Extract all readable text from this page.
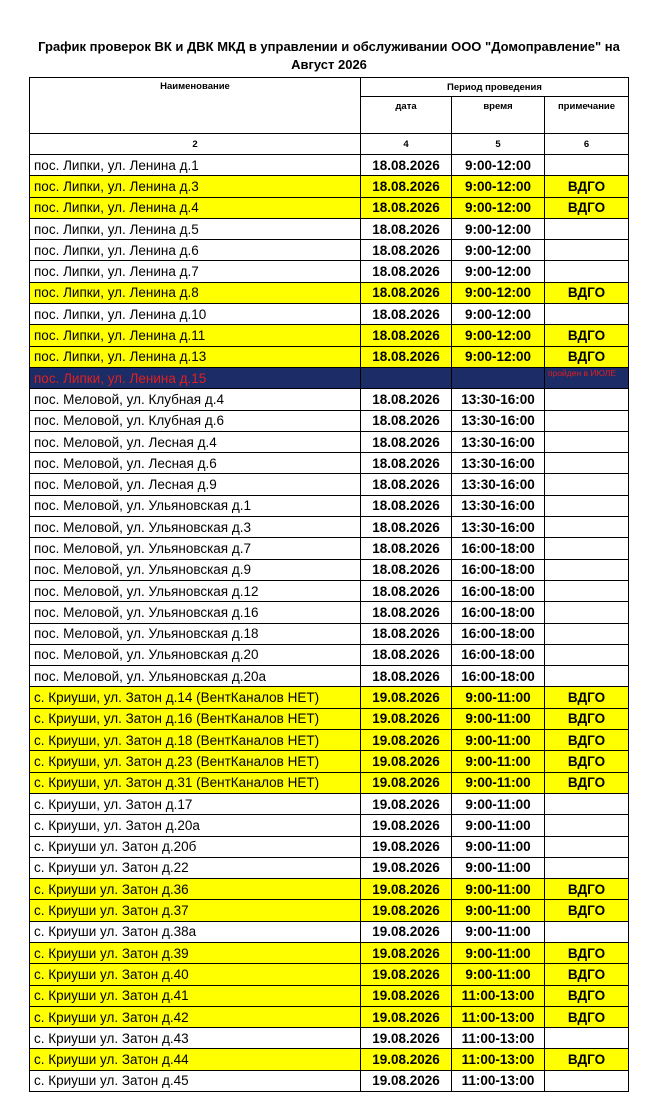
График проверок ВК и ДВК МКД в управлении и обслуживании ООО "Домоправление" на
Август 2026
Наименование	Период проведения		
	дата	время	примечание
2	4	5	6
пос. Липки, ул. Ленина д.1	18.08.2026	9:00-12:00	
пос. Липки, ул. Ленина д.3	18.08.2026	9:00-12:00	ВДГО
пос. Липки, ул. Ленина д.4	18.08.2026	9:00-12:00	ВДГО
пос. Липки, ул. Ленина д.5	18.08.2026	9:00-12:00	
пос. Липки, ул. Ленина д.6	18.08.2026	9:00-12:00	
пос. Липки, ул. Ленина д.7	18.08.2026	9:00-12:00	
пос. Липки, ул. Ленина д.8	18.08.2026	9:00-12:00	ВДГО
пос. Липки, ул. Ленина д.10	18.08.2026	9:00-12:00	
пос. Липки, ул. Ленина д.11	18.08.2026	9:00-12:00	ВДГО
пос. Липки, ул. Ленина д.13	18.08.2026	9:00-12:00	ВДГО
пос. Липки, ул. Ленина д.15			пройден в ИЮЛЕ
пос. Меловой, ул. Клубная д.4	18.08.2026	13:30-16:00	
пос. Меловой, ул. Клубная д.6	18.08.2026	13:30-16:00	
пос. Меловой, ул. Лесная д.4	18.08.2026	13:30-16:00	
пос. Меловой, ул. Лесная д.6	18.08.2026	13:30-16:00	
пос. Меловой, ул. Лесная д.9	18.08.2026	13:30-16:00	
пос. Меловой, ул. Ульяновская д.1	18.08.2026	13:30-16:00	
пос. Меловой, ул. Ульяновская д.3	18.08.2026	13:30-16:00	
пос. Меловой, ул. Ульяновская д.7	18.08.2026	16:00-18:00	
пос. Меловой, ул. Ульяновская д.9	18.08.2026	16:00-18:00	
пос. Меловой, ул. Ульяновская д.12	18.08.2026	16:00-18:00	
пос. Меловой, ул. Ульяновская д.16	18.08.2026	16:00-18:00	
пос. Меловой, ул. Ульяновская д.18	18.08.2026	16:00-18:00	
пос. Меловой, ул. Ульяновская д.20	18.08.2026	16:00-18:00	
пос. Меловой, ул. Ульяновская д.20а	18.08.2026	16:00-18:00	
с. Криуши, ул. Затон д.14 (ВентКаналов НЕТ)	19.08.2026	9:00-11:00	ВДГО
с. Криуши, ул. Затон д.16 (ВентКаналов НЕТ)	19.08.2026	9:00-11:00	ВДГО
с. Криуши, ул. Затон д.18 (ВентКаналов НЕТ)	19.08.2026	9:00-11:00	ВДГО
с. Криуши, ул. Затон д.23 (ВентКаналов НЕТ)	19.08.2026	9:00-11:00	ВДГО
с. Криуши, ул. Затон д.31 (ВентКаналов НЕТ)	19.08.2026	9:00-11:00	ВДГО
с. Криуши, ул. Затон д.17	19.08.2026	9:00-11:00	
с. Криуши, ул. Затон д.20а	19.08.2026	9:00-11:00	
с. Криуши ул. Затон д.20б	19.08.2026	9:00-11:00	
с. Криуши ул. Затон д.22	19.08.2026	9:00-11:00	
с. Криуши ул. Затон д.36	19.08.2026	9:00-11:00	ВДГО
с. Криуши ул. Затон д.37	19.08.2026	9:00-11:00	ВДГО
с. Криуши ул. Затон д.38а	19.08.2026	9:00-11:00	
с. Криуши ул. Затон д.39	19.08.2026	9:00-11:00	ВДГО
с. Криуши ул. Затон д.40	19.08.2026	9:00-11:00	ВДГО
с. Криуши ул. Затон д.41	19.08.2026	11:00-13:00	ВДГО
с. Криуши ул. Затон д.42	19.08.2026	11:00-13:00	ВДГО
с. Криуши ул. Затон д.43	19.08.2026	11:00-13:00	
с. Криуши ул. Затон д.44	19.08.2026	11:00-13:00	ВДГО
с. Криуши ул. Затон д.45	19.08.2026	11:00-13:00	
